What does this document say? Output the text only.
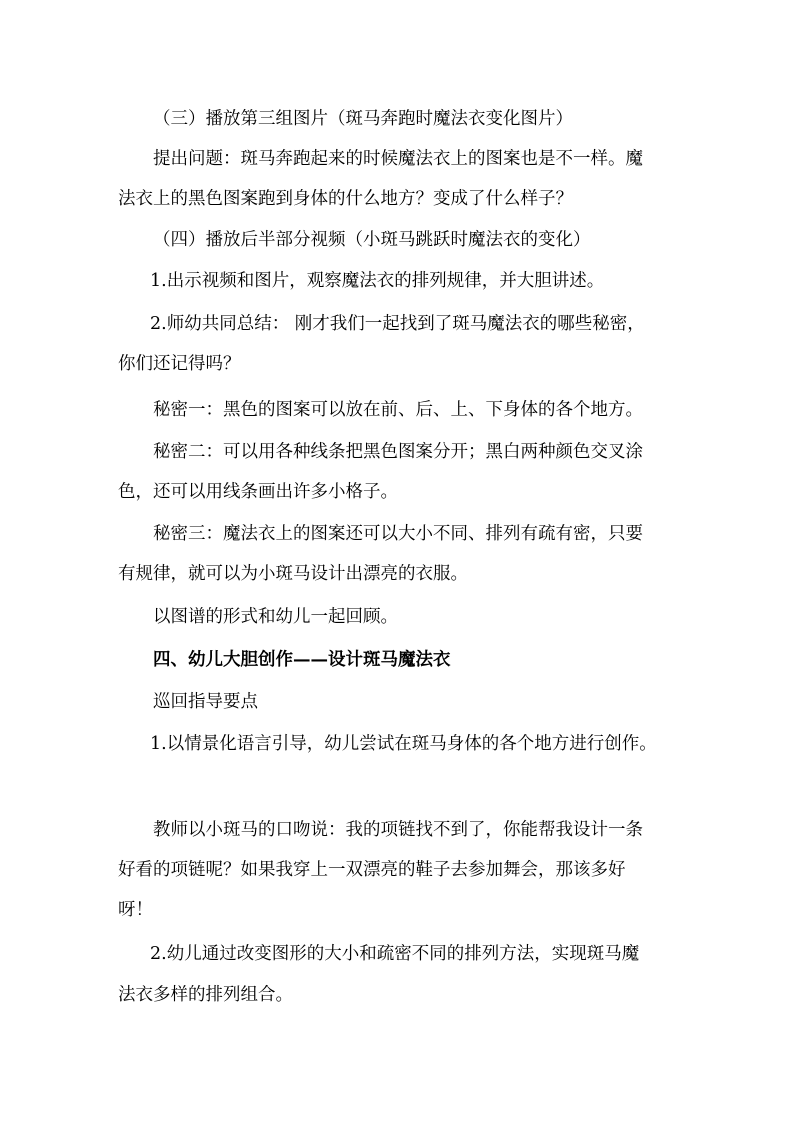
（三）播放第三组图片（斑马奔跑时魔法衣变化图片）
提出问题：斑马奔跑起来的时候魔法衣上的图案也是不一样。魔
法衣上的黑色图案跑到身体的什么地方？变成了什么样子？
（四）播放后半部分视频（小斑马跳跃时魔法衣的变化）
1.出示视频和图片，观察魔法衣的排列规律，并大胆讲述。
2.师幼共同总结： 刚才我们一起找到了斑马魔法衣的哪些秘密，
你们还记得吗？
秘密一：黑色的图案可以放在前、后、上、下身体的各个地方。
秘密二：可以用各种线条把黑色图案分开；黑白两种颜色交叉涂
色，还可以用线条画出许多小格子。
秘密三：魔法衣上的图案还可以大小不同、排列有疏有密，只要
有规律，就可以为小斑马设计出漂亮的衣服。
以图谱的形式和幼儿一起回顾。
四、幼儿大胆创作——设计斑马魔法衣
巡回指导要点
1.以情景化语言引导，幼儿尝试在斑马身体的各个地方进行创作。
教师以小斑马的口吻说：我的项链找不到了，你能帮我设计一条
好看的项链呢？如果我穿上一双漂亮的鞋子去参加舞会，那该多好
呀！
2.幼儿通过改变图形的大小和疏密不同的排列方法，实现斑马魔
法衣多样的排列组合。
